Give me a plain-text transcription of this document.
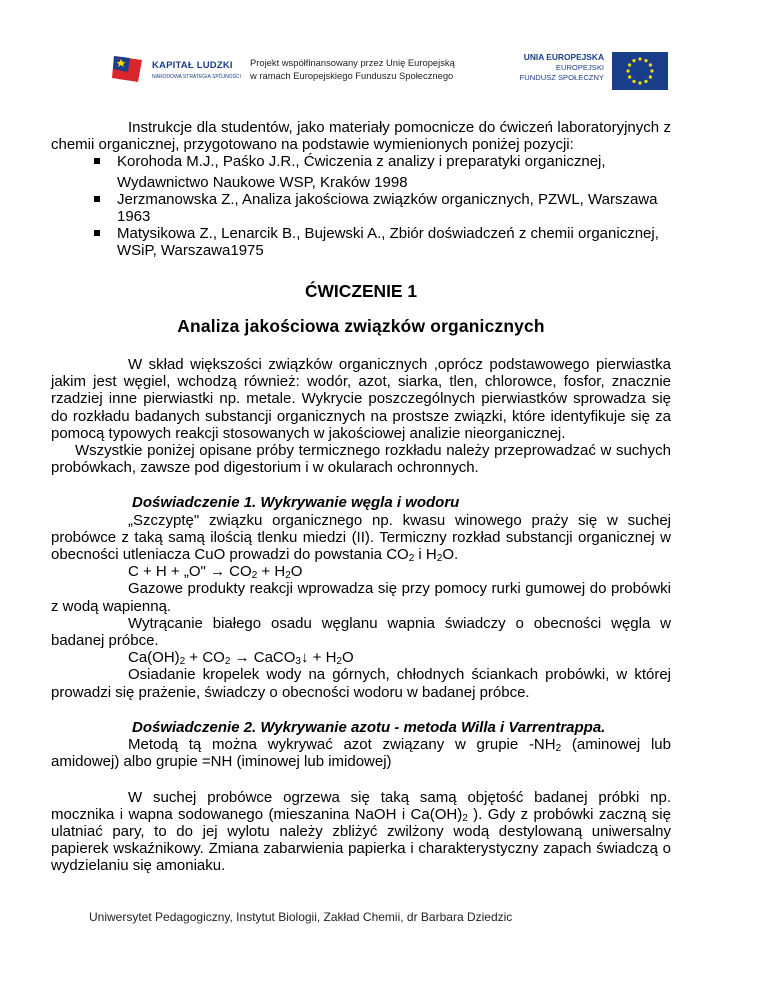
KAPITAŁ LUDZKI
NARODOWA STRATEGIA SPÓJNOŚCI
Projekt współfinansowany przez Unię Europejską
w ramach Europejskiego Funduszu Społecznego
UNIA EUROPEJSKA
EUROPEJSKI
FUNDUSZ SPOŁECZNY

Instrukcje dla studentów, jako materiały pomocnicze do ćwiczeń laboratoryjnych z chemii organicznej, przygotowano na podstawie wymienionych poniżej pozycji:

Korohoda M.J., Paśko J.R., Ćwiczenia z analizy i preparatyki organicznej,
Wydawnictwo Naukowe WSP, Kraków 1998
Jerzmanowska Z., Analiza jakościowa związków organicznych, PZWL, Warszawa
1963
Matysikowa Z., Lenarcik B., Bujewski A., Zbiór doświadczeń z chemii organicznej,
WSiP, Warszawa1975
ĆWICZENIE 1
Analiza jakościowa związków organicznych

W skład większości związków organicznych ,oprócz podstawowego pierwiastka jakim jest węgiel, wchodzą również: wodór, azot, siarka, tlen, chlorowce, fosfor, znacznie rzadziej inne pierwiastki np. metale. Wykrycie poszczególnych pierwiastków sprowadza się do rozkładu badanych substancji organicznych na prostsze związki, które identyfikuje się za pomocą typowych reakcji stosowanych w jakościowej analizie nieorganicznej.

Wszystkie poniżej opisane próby termicznego rozkładu należy przeprowadzać w suchych probówkach, zawsze pod digestorium i w okularach ochronnych.

Doświadczenie 1. Wykrywanie węgla i wodoru

„Szczyptę" związku organicznego np. kwasu winowego praży się w suchej probówce z taką samą ilością tlenku miedzi (II). Termiczny rozkład substancji organicznej w obecności utleniacza CuO prowadzi do powstania $CO_2$ i $H_2O$.

C + H + „O" → $CO_2 + H_2O$

Gazowe produkty reakcji wprowadza się przy pomocy rurki gumowej do probówki z wodą wapienną.

Wytrącanie białego osadu węglanu wapnia świadczy o obecności węgla w badanej próbce.

$Ca(OH)_2 + CO_2$ → CaCO$_3$↓ + $H_2O$

Osiadanie kropelek wody na górnych, chłodnych ściankach probówki, w której prowadzi się prażenie, świadczy o obecności wodoru w badanej próbce.

Doświadczenie 2. Wykrywanie azotu - metoda Willa i Varrentrappa.

Metodą tą można wykrywać azot związany w grupie $-NH_2$ (aminowej lub amidowej) albo grupie =NH (iminowej lub imidowej)

W suchej probówce ogrzewa się taką samą objętość badanej próbki np. mocznika i wapna sodowanego (mieszanina NaOH i $Ca(OH)_2$ ). Gdy z probówki zaczną się ulatniać pary, to do jej wylotu należy zbliżyć zwilżony wodą destylowaną uniwersalny papierek wskaźnikowy. Zmiana zabarwienia papierka i charakterystyczny zapach świadczą o wydzielaniu się amoniaku.

Uniwersytet Pedagogiczny, Instytut Biologii, Zakład Chemii, dr Barbara Dziedzic
